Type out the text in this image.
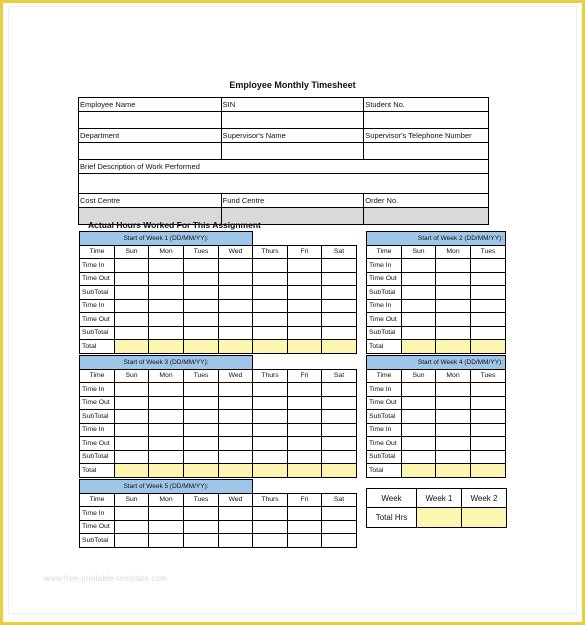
Employee Monthly Timesheet
Employee Name	SIN	Student No.

Department	Supervisor's Name	Supervisor's Telephone Number

Brief Description of Work Performed		

Cost Centre	Fund Centre	Order No.

Actual Hours Worked For This Assignment
Start of Week 1 (DD/MM/YY):							
Time	Sun	Mon	Tues	Wed	Thurs	Fri	Sat
Time In							
Time Out							
SubTotal							
Time In							
Time Out							
SubTotal							
Total							
Start of Week 2 (DD/MM/YY):			
Time	Sun	Mon	Tues
Time In			
Time Out			
SubTotal			
Time In			
Time Out			
SubTotal			
Total			
Start of Week 3 (DD/MM/YY):							
Time	Sun	Mon	Tues	Wed	Thurs	Fri	Sat
Time In							
Time Out							
SubTotal							
Time In							
Time Out							
SubTotal							
Total							
Start of Week 4 (DD/MM/YY):			
Time	Sun	Mon	Tues
Time In			
Time Out			
SubTotal			
Time In			
Time Out			
SubTotal			
Total			
Start of Week 5 (DD/MM/YY):							
Time	Sun	Mon	Tues	Wed	Thurs	Fri	Sat
Time In							
Time Out							
SubTotal							
Week	Week 1	Week 2
Total Hrs		
www.free-printable-template.com
